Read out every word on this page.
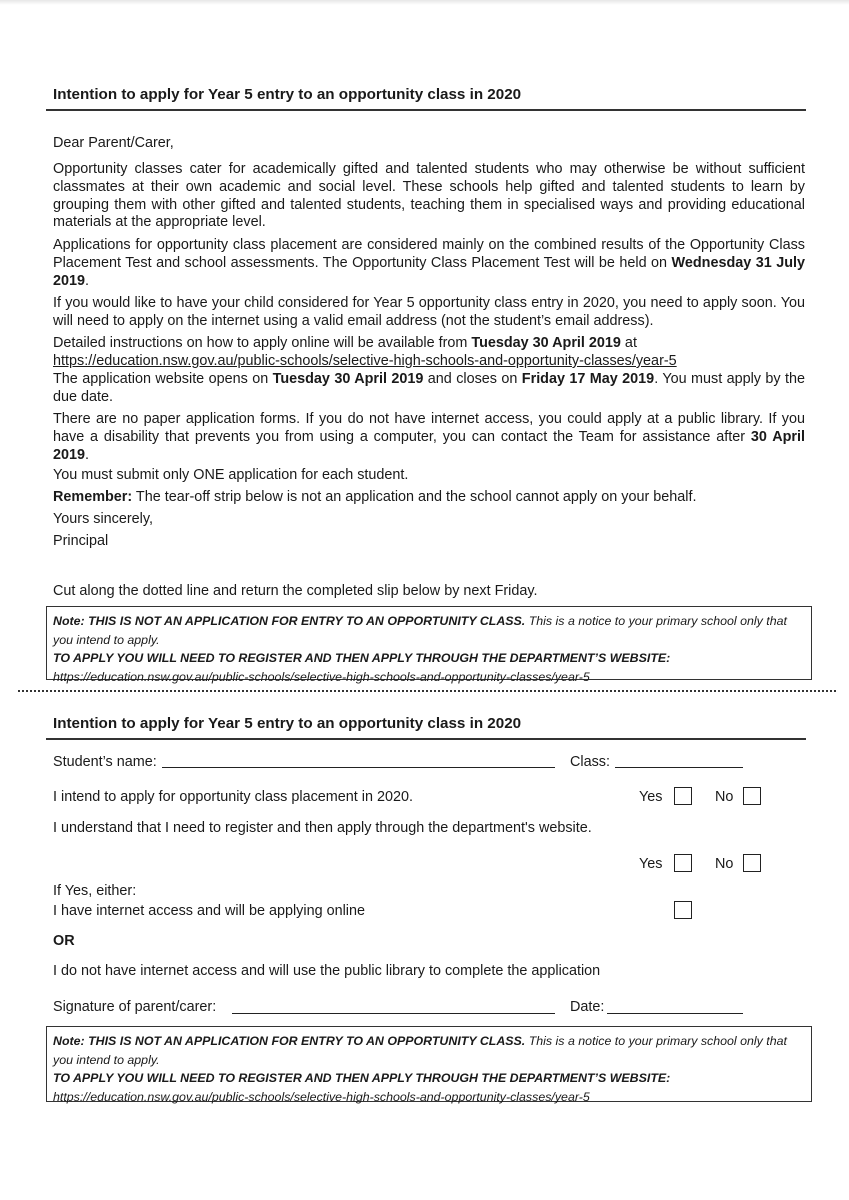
Intention to apply for Year 5 entry to an opportunity class in 2020
Dear Parent/Carer,
Opportunity classes cater for academically gifted and talented students who may otherwise be without sufficient classmates at their own academic and social level. These schools help gifted and talented students to learn by grouping them with other gifted and talented students, teaching them in specialised ways and providing educational materials at the appropriate level.
Applications for opportunity class placement are considered mainly on the combined results of the Opportunity Class Placement Test and school assessments. The Opportunity Class Placement Test will be held on Wednesday 31 July 2019.
If you would like to have your child considered for Year 5 opportunity class entry in 2020, you need to apply soon. You will need to apply on the internet using a valid email address (not the student’s email address).
Detailed instructions on how to apply online will be available from Tuesday 30 April 2019 at
https://education.nsw.gov.au/public-schools/selective-high-schools-and-opportunity-classes/year-5
The application website opens on Tuesday 30 April 2019 and closes on Friday 17 May 2019. You must apply by the due date.
There are no paper application forms. If you do not have internet access, you could apply at a public library. If you have a disability that prevents you from using a computer, you can contact the Team for assistance after 30 April 2019.
You must submit only ONE application for each student.
Remember: The tear-off strip below is not an application and the school cannot apply on your behalf.
Yours sincerely,
Principal
Cut along the dotted line and return the completed slip below by next Friday.
Note: THIS IS NOT AN APPLICATION FOR ENTRY TO AN OPPORTUNITY CLASS. This is a notice to your primary school only that you intend to apply.
TO APPLY YOU WILL NEED TO REGISTER AND THEN APPLY THROUGH THE DEPARTMENT’S WEBSITE:
https://education.nsw.gov.au/public-schools/selective-high-schools-and-opportunity-classes/year-5
Intention to apply for Year 5 entry to an opportunity class in 2020
Student’s name:	Class:
I intend to apply for opportunity class placement in 2020.	Yes	No
I understand that I need to register and then apply through the department's website.
Yes	No
If Yes, either:
I have internet access and will be applying online
OR
I do not have internet access and will use the public library to complete the application
Signature of parent/carer:	Date:
Note: THIS IS NOT AN APPLICATION FOR ENTRY TO AN OPPORTUNITY CLASS. This is a notice to your primary school only that you intend to apply.
TO APPLY YOU WILL NEED TO REGISTER AND THEN APPLY THROUGH THE DEPARTMENT’S WEBSITE:
https://education.nsw.gov.au/public-schools/selective-high-schools-and-opportunity-classes/year-5
